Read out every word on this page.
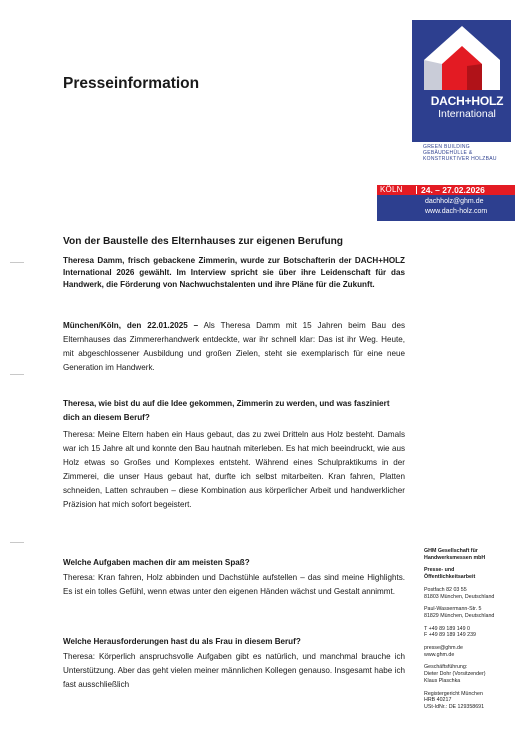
Presseinformation
DACH+HOLZ
International
GREEN BUILDING
GEBÄUDEHÜLLE &
KONSTRUKTIVER HOLZBAU
KÖLN 24. – 27.02.2026
dachholz@ghm.de
www.dach-holz.com
Von der Baustelle des Elternhauses zur eigenen Berufung
Theresa Damm, frisch gebackene Zimmerin, wurde zur Botschafterin der DACH+HOLZ International 2026 gewählt. Im Interview spricht sie über ihre Leidenschaft für das Handwerk, die Förderung von Nachwuchstalenten und ihre Pläne für die Zukunft.
München/Köln, den 22.01.2025 – Als Theresa Damm mit 15 Jahren beim Bau des Elternhauses das Zimmererhandwerk entdeckte, war ihr schnell klar: Das ist ihr Weg. Heute, mit abgeschlossener Ausbildung und großen Zielen, steht sie exemplarisch für eine neue Generation im Handwerk.
Theresa, wie bist du auf die Idee gekommen, Zimmerin zu werden, und was fasziniert dich an diesem Beruf?
Theresa: Meine Eltern haben ein Haus gebaut, das zu zwei Dritteln aus Holz besteht. Damals war ich 15 Jahre alt und konnte den Bau hautnah miterleben. Es hat mich beeindruckt, wie aus Holz etwas so Großes und Komplexes entsteht. Während eines Schulpraktikums in der Zimmerei, die unser Haus gebaut hat, durfte ich selbst mitarbeiten. Kran fahren, Platten schneiden, Latten schrauben – diese Kombination aus körperlicher Arbeit und handwerklicher Präzision hat mich sofort begeistert.
Welche Aufgaben machen dir am meisten Spaß?
Theresa: Kran fahren, Holz abbinden und Dachstühle aufstellen – das sind meine Highlights. Es ist ein tolles Gefühl, wenn etwas unter den eigenen Händen wächst und Gestalt annimmt.
Welche Herausforderungen hast du als Frau in diesem Beruf?
Theresa: Körperlich anspruchsvolle Aufgaben gibt es natürlich, und manchmal brauche ich Unterstützung. Aber das geht vielen meiner männlichen Kollegen genauso. Insgesamt habe ich fast ausschließlich
GHM Gesellschaft für
Handwerksmessen mbH
Presse- und
Öffentlichkeitsarbeit
Postfach 82 03 55
81803 München, Deutschland
Paul-Wassermann-Str. 5
81829 München, Deutschland
T +49 89 189 149 0
F +49 89 189 149 239
presse@ghm.de
www.ghm.de
Geschäftsführung:
Dieter Dohr (Vorsitzender)
Klaus Plaschka
Registergericht München
HRB 40217
USt-IdNr.: DE 129358691
